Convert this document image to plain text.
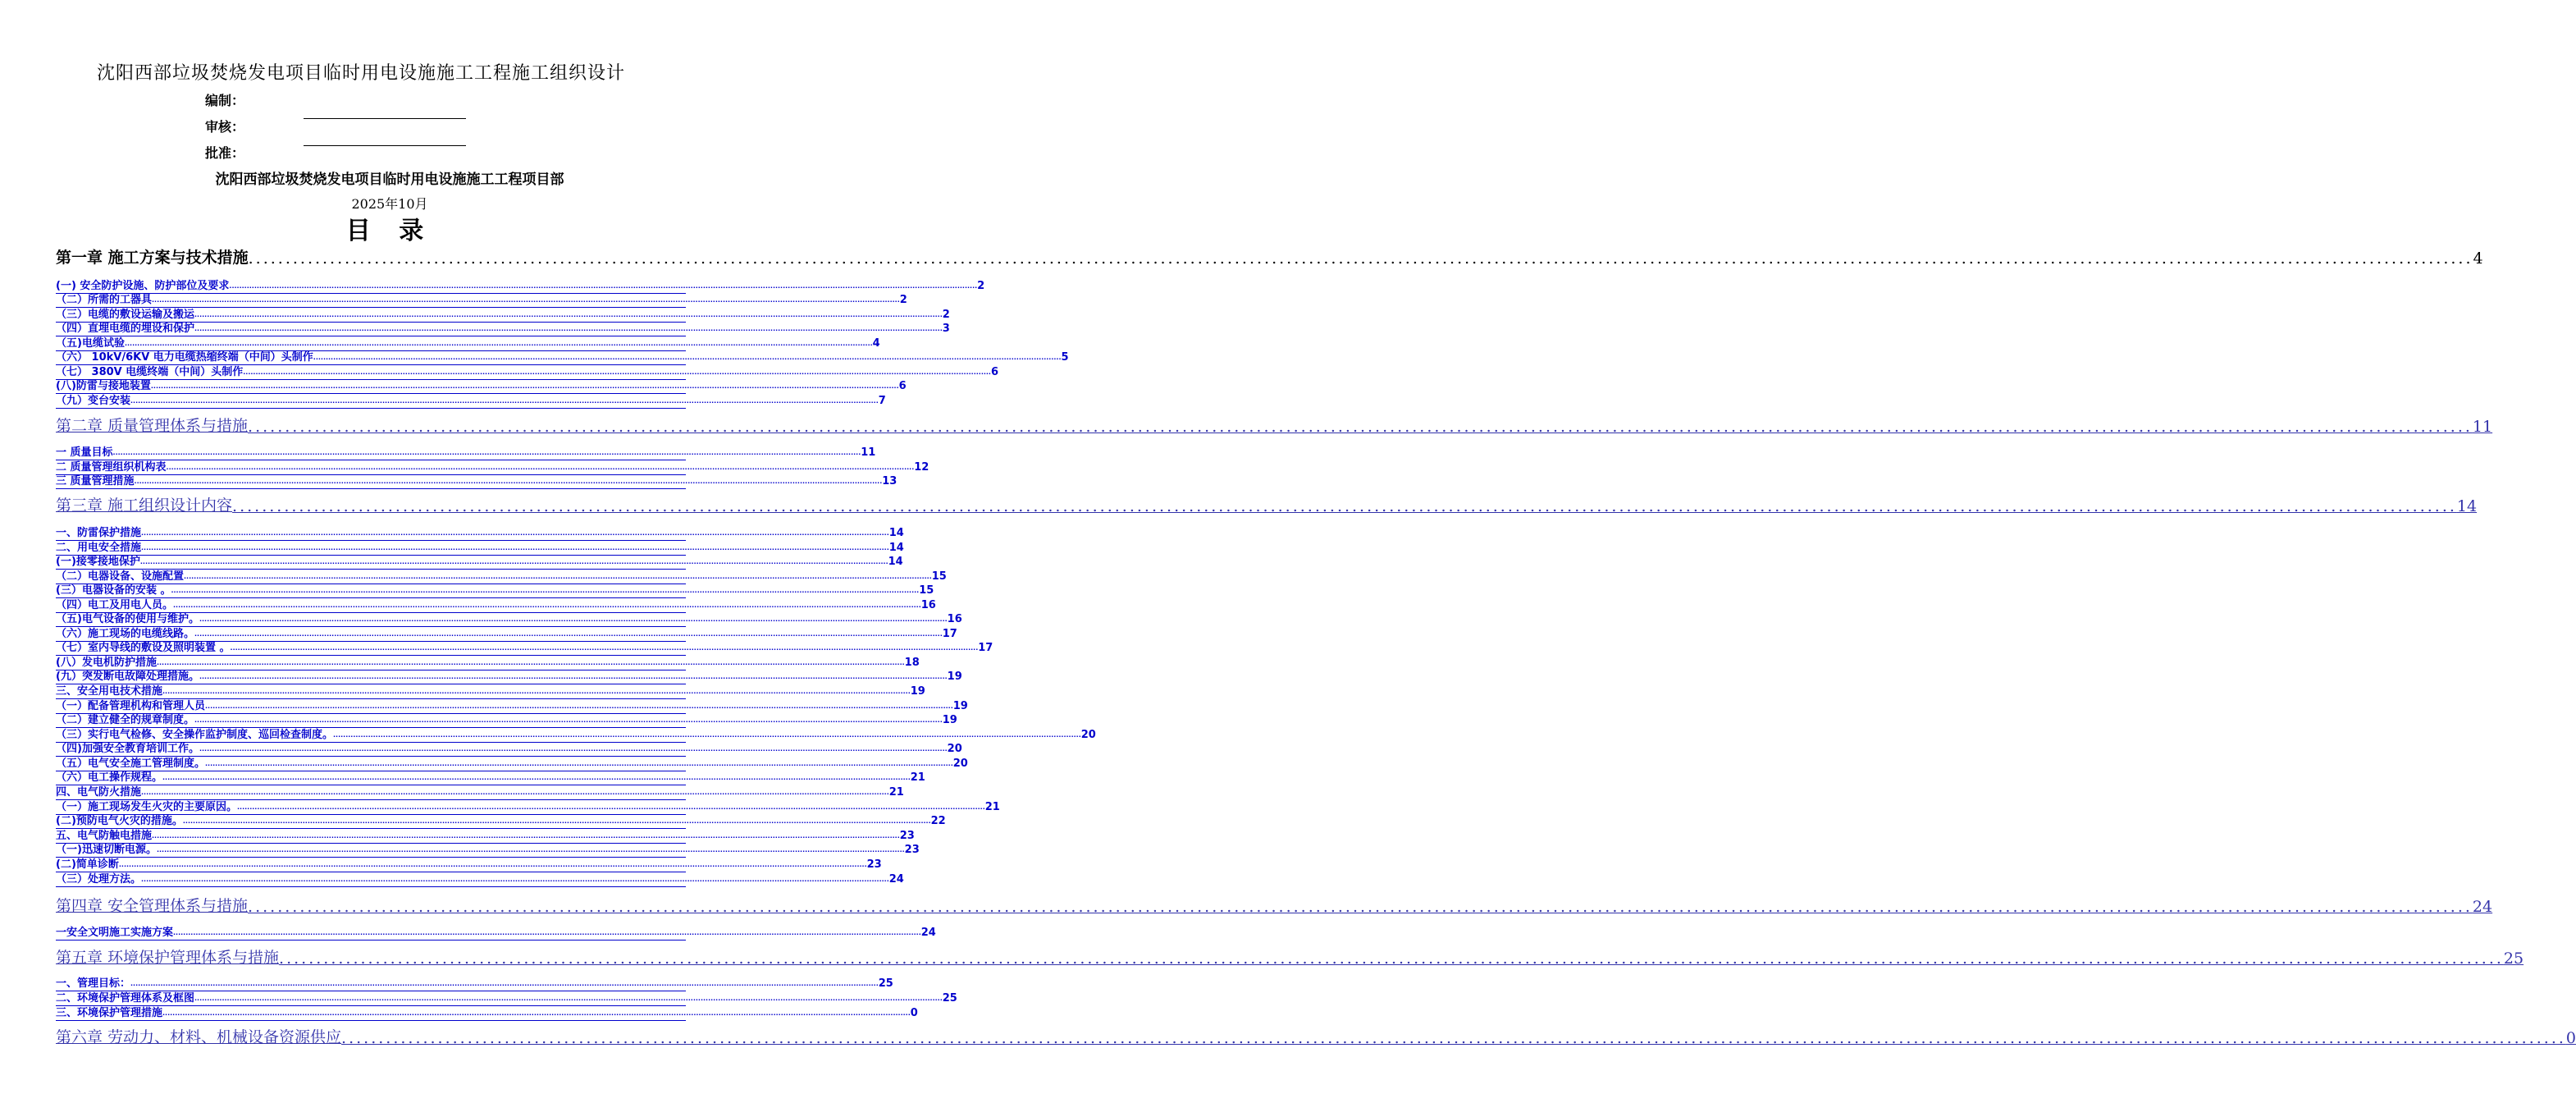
沈阳西部垃圾焚烧发电项目临时用电设施施工工程施工组织设计
编制：
审核：
批准：
沈阳西部垃圾焚烧发电项目临时用电设施施工工程项目部
2025年10月
目 录
第一章 施工方案与技术措施 ............................................................................................................................................................................................................................................................................................................ 4
(一) 安全防护设施、防护部位及要求 ............................................................................................................................................................................................................................................................................................................ 2
（二）所需的工器具 ............................................................................................................................................................................................................................................................................................................ 2
（三）电缆的敷设运输及搬运 ............................................................................................................................................................................................................................................................................................................ 2
（四）直埋电缆的埋设和保护 ............................................................................................................................................................................................................................................................................................................ 3
（五)电缆试验 ............................................................................................................................................................................................................................................................................................................ 4
（六） 10kV/6KV 电力电缆热缩终端（中间）头制作 ............................................................................................................................................................................................................................................................................................................ 5
（七） 380V 电缆终端（中间）头制作 ............................................................................................................................................................................................................................................................................................................ 6
(八)防雷与接地装置 ............................................................................................................................................................................................................................................................................................................ 6
（九）变台安装 ............................................................................................................................................................................................................................................................................................................ 7
第二章 质量管理体系与措施 ............................................................................................................................................................................................................................................................................................................ 11
一 质量目标 ............................................................................................................................................................................................................................................................................................................ 11
二 质量管理组织机构表 ............................................................................................................................................................................................................................................................................................................ 12
三 质量管理措施 ............................................................................................................................................................................................................................................................................................................ 13
第三章 施工组织设计内容 ............................................................................................................................................................................................................................................................................................................ 14
一、防雷保护措施 ............................................................................................................................................................................................................................................................................................................ 14
二、用电安全措施 ............................................................................................................................................................................................................................................................................................................ 14
(一)接零接地保护 ............................................................................................................................................................................................................................................................................................................ 14
（二）电器设备、设施配置 ............................................................................................................................................................................................................................................................................................................ 15
(三）电器设备的安装 。 ............................................................................................................................................................................................................................................................................................................ 15
（四）电工及用电人员。 ............................................................................................................................................................................................................................................................................................................ 16
（五)电气设备的使用与维护。 ............................................................................................................................................................................................................................................................................................................ 16
（六）施工现场的电缆线路。 ............................................................................................................................................................................................................................................................................................................ 17
（七）室内导线的敷设及照明装置 。 ............................................................................................................................................................................................................................................................................................................ 17
(八）发电机防护措施 ............................................................................................................................................................................................................................................................................................................ 18
(九）突发断电故障处理措施。 ............................................................................................................................................................................................................................................................................................................ 19
三、安全用电技术措施 ............................................................................................................................................................................................................................................................................................................ 19
（一）配备管理机构和管理人员 ............................................................................................................................................................................................................................................................................................................ 19
（二）建立健全的规章制度。 ............................................................................................................................................................................................................................................................................................................ 19
（三）实行电气检修、安全操作监护制度、巡回检查制度。 ............................................................................................................................................................................................................................................................................................................ 20
（四)加强安全教育培训工作。 ............................................................................................................................................................................................................................................................................................................ 20
（五）电气安全施工管理制度。 ............................................................................................................................................................................................................................................................................................................ 20
（六）电工操作规程。 ............................................................................................................................................................................................................................................................................................................ 21
四、电气防火措施 ............................................................................................................................................................................................................................................................................................................ 21
（一）施工现场发生火灾的主要原因。 ............................................................................................................................................................................................................................................................................................................ 21
(二)预防电气火灾的措施。 ............................................................................................................................................................................................................................................................................................................ 22
五、电气防触电措施 ............................................................................................................................................................................................................................................................................................................ 23
（一)迅速切断电源。 ............................................................................................................................................................................................................................................................................................................ 23
(二)简单诊断 ............................................................................................................................................................................................................................................................................................................ 23
（三）处理方法。 ............................................................................................................................................................................................................................................................................................................ 24
第四章 安全管理体系与措施 ............................................................................................................................................................................................................................................................................................................ 24
一安全文明施工实施方案 ............................................................................................................................................................................................................................................................................................................ 24
第五章 环境保护管理体系与措施 ............................................................................................................................................................................................................................................................................................................ 25
一、管理目标： ............................................................................................................................................................................................................................................................................................................ 25
二、环境保护管理体系及框图 ............................................................................................................................................................................................................................................................................................................ 25
三、环境保护管理措施 ............................................................................................................................................................................................................................................................................................................ 0
第六章 劳动力、材料、机械设备资源供应 ............................................................................................................................................................................................................................................................................................................ 0
